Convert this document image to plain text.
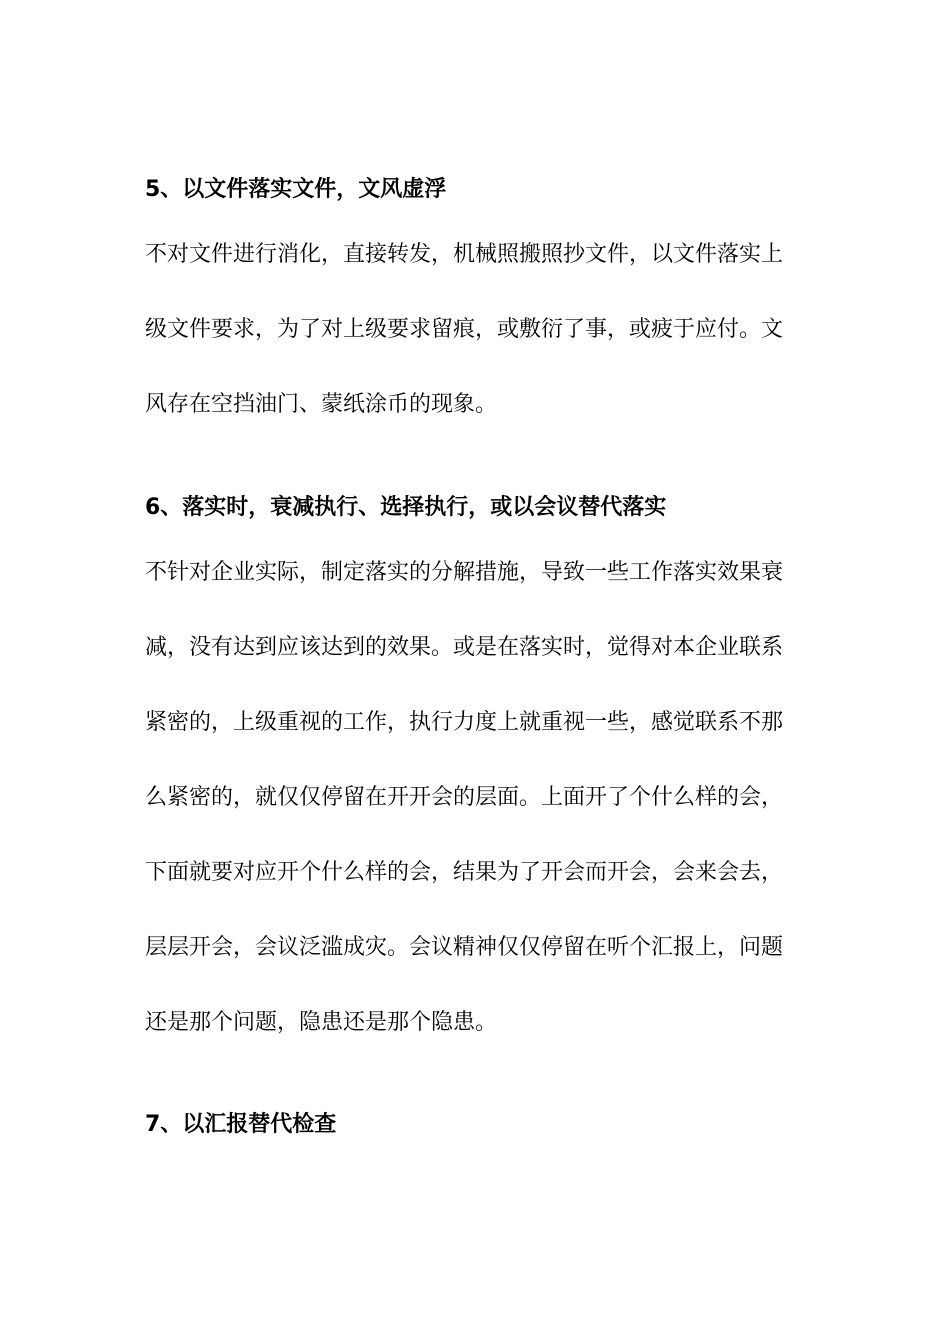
5、以文件落实文件，文风虚浮
不对文件进行消化，直接转发，机械照搬照抄文件，以文件落实上
级文件要求，为了对上级要求留痕，或敷衍了事，或疲于应付。文
风存在空挡油门、蒙纸涂币的现象。
6、落实时，衰减执行、选择执行，或以会议替代落实
不针对企业实际，制定落实的分解措施，导致一些工作落实效果衰
减，没有达到应该达到的效果。或是在落实时，觉得对本企业联系
紧密的，上级重视的工作，执行力度上就重视一些，感觉联系不那
么紧密的，就仅仅停留在开开会的层面。上面开了个什么样的会，
下面就要对应开个什么样的会，结果为了开会而开会，会来会去，
层层开会，会议泛滥成灾。会议精神仅仅停留在听个汇报上，问题
还是那个问题，隐患还是那个隐患。
7、以汇报替代检查
